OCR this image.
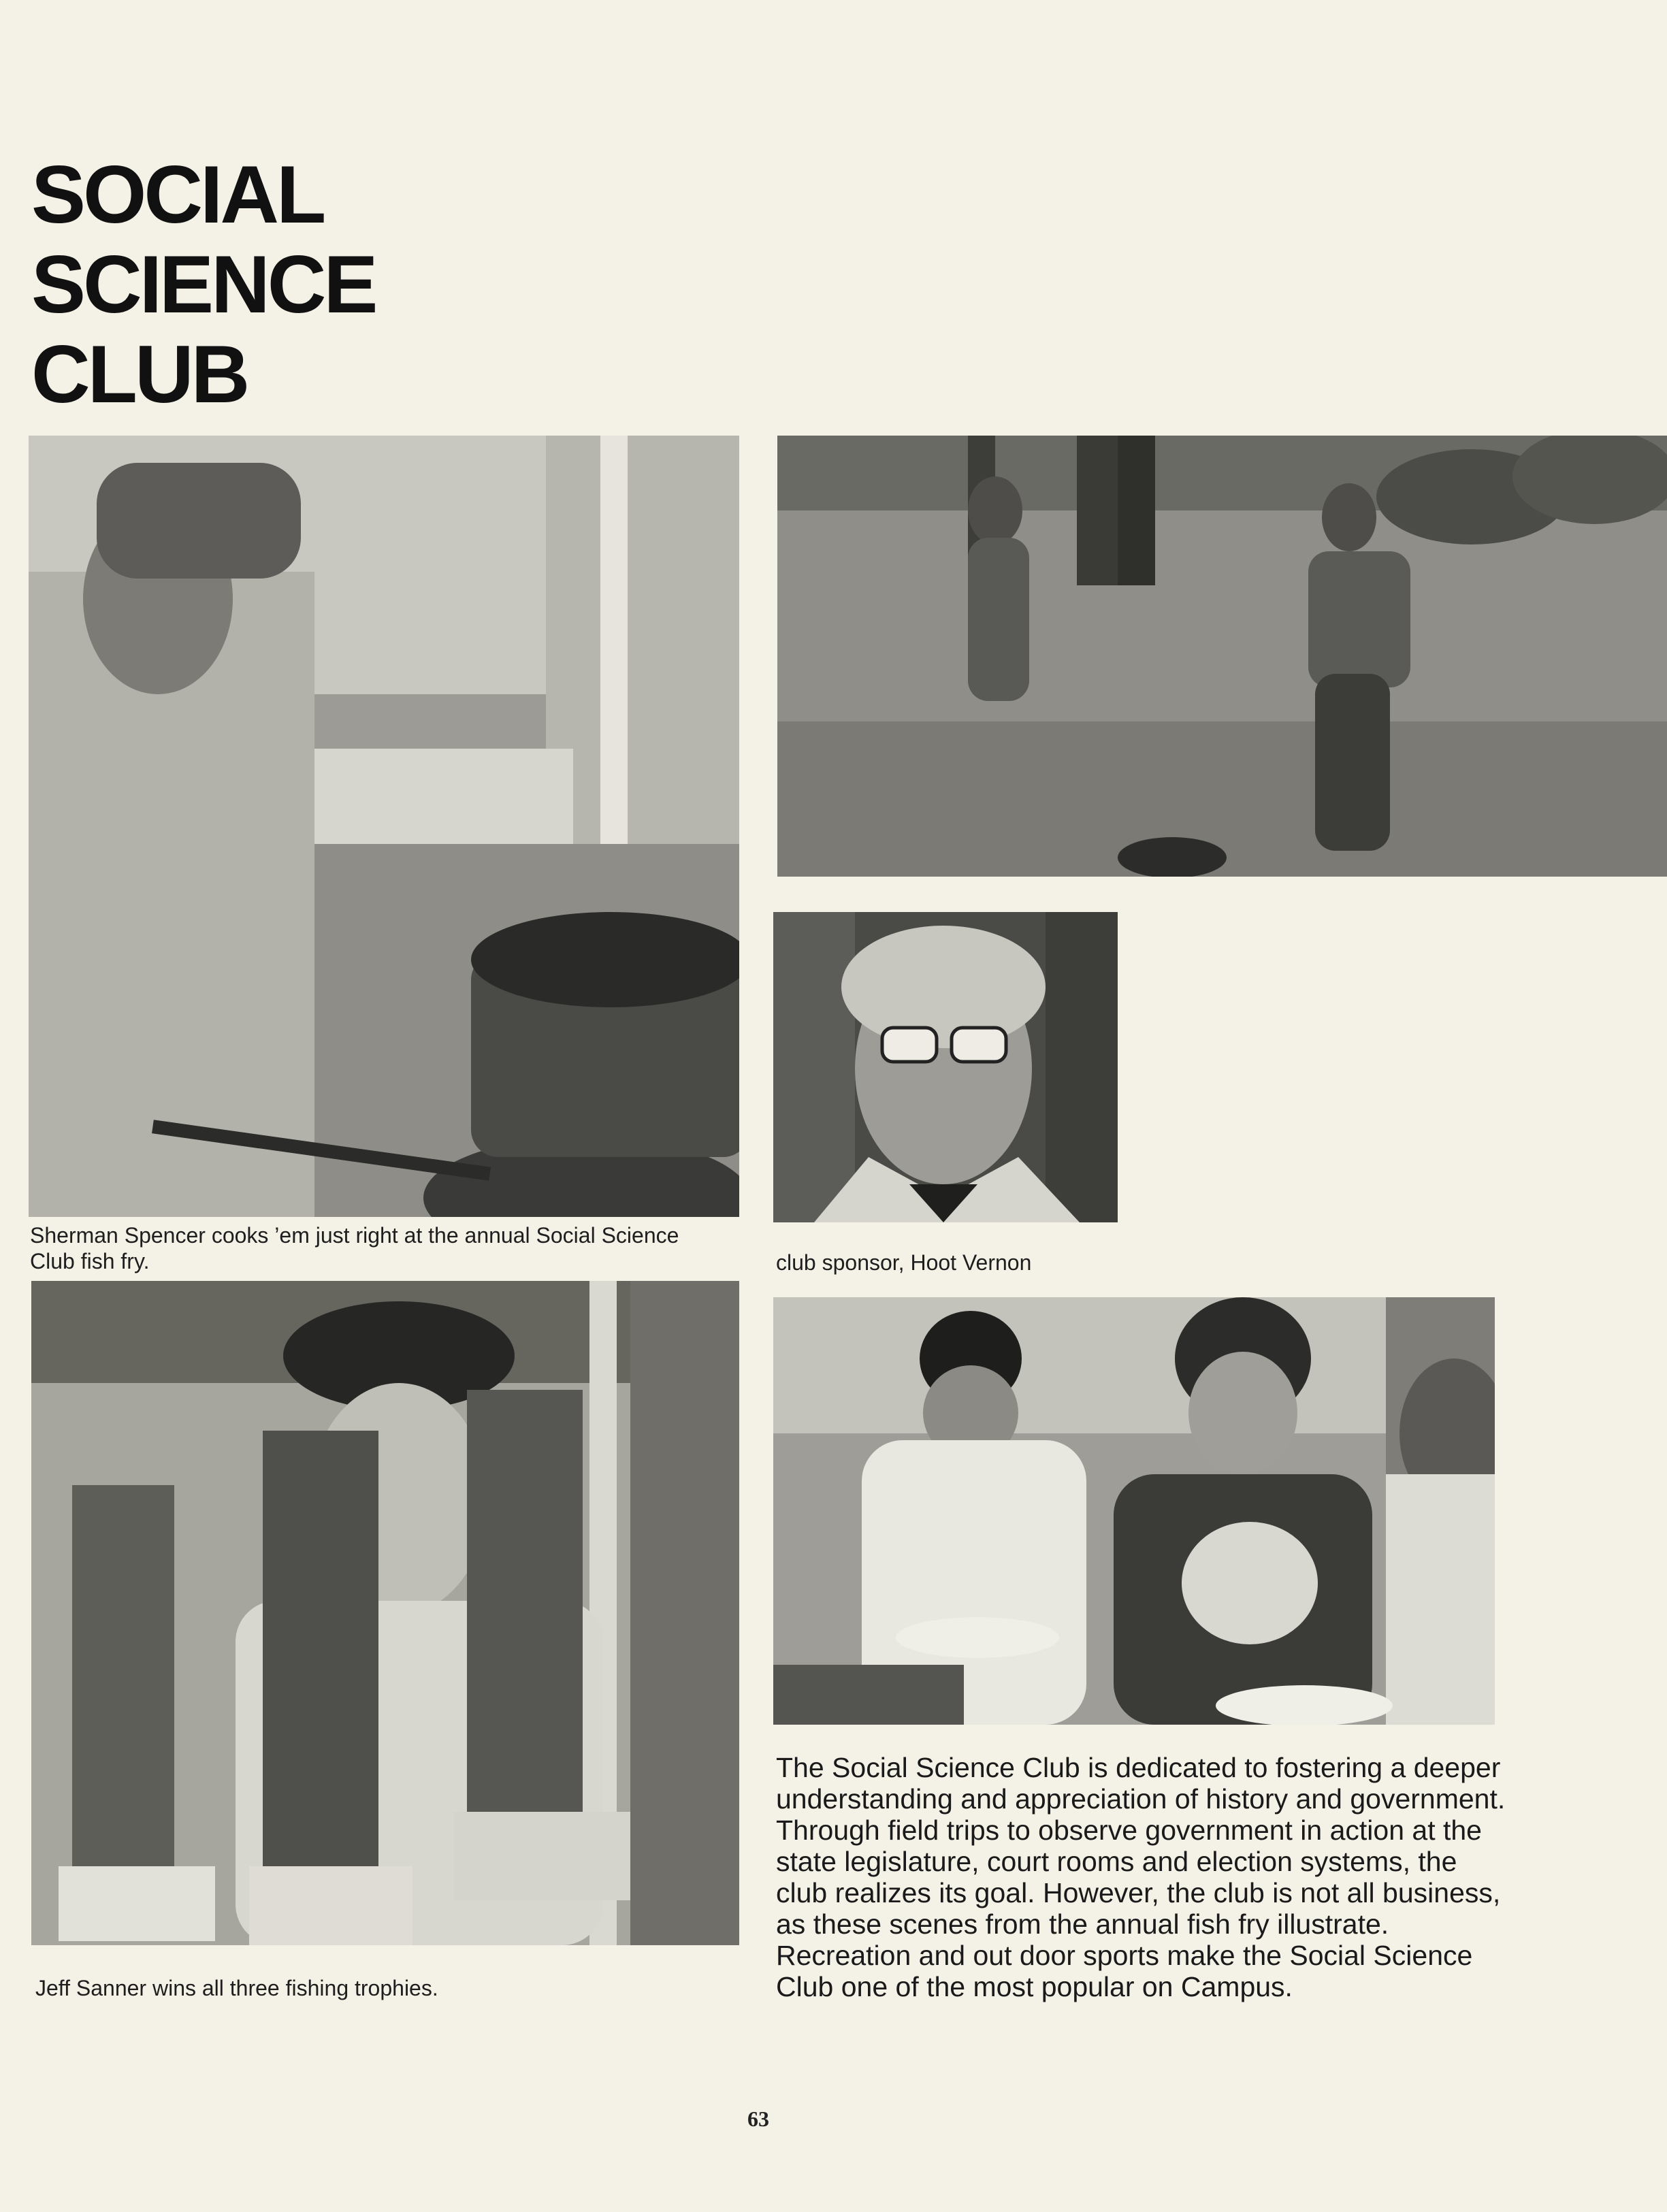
SOCIAL
SCIENCE
CLUB
Sherman Spencer cooks ’em just right at the annual Social Science Club fish fry.	club sponsor, Hoot Vernon
Jeff Sanner wins all three fishing trophies.

The Social Science Club is dedicated to fostering a deeper understanding and appreciation of history and government. Through field trips to observe government in action at the state legislature, court rooms and election systems, the club realizes its goal. However, the club is not all business, as these scenes from the annual fish fry illustrate. Recreation and out door sports make the Social Science Club one of the most popular on Campus.

63
